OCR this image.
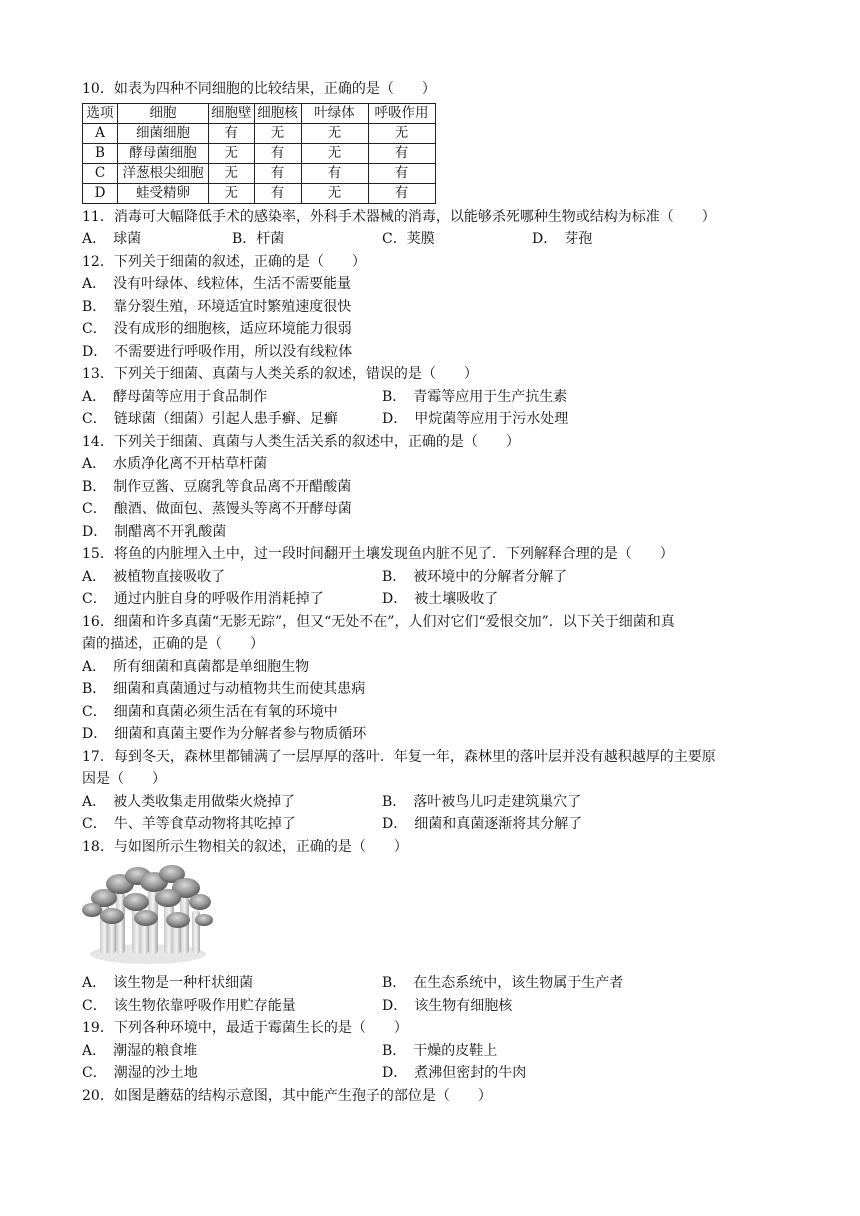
10．如表为四种不同细胞的比较结果，正确的是（　　）
选项	细胞	细胞壁	细胞核	叶绿体	呼吸作用
A	细菌细胞	有	无	无	无
B	酵母菌细胞	无	有	无	有
C	洋葱根尖细胞	无	有	有	有
D	蛙受精卵	无	有	无	有
11．消毒可大幅降低手术的感染率，外科手术器械的消毒，以能够杀死哪种生物或结构为标准（　　）
A．　球菌	B．杆菌	C．荚膜	D．　芽孢
12．下列关于细菌的叙述，正确的是（　　）
A．　没有叶绿体、线粒体，生活不需要能量
B．　靠分裂生殖，环境适宜时繁殖速度很快
C．　没有成形的细胞核，适应环境能力很弱
D．　不需要进行呼吸作用，所以没有线粒体
13．下列关于细菌、真菌与人类关系的叙述，错误的是（　　）
A．　酵母菌等应用于食品制作	B．　青霉等应用于生产抗生素
C．　链球菌（细菌）引起人患手癣、足癣	D．　甲烷菌等应用于污水处理
14．下列关于细菌、真菌与人类生活关系的叙述中，正确的是（　　）
A．　水质净化离不开枯草杆菌
B．　制作豆酱、豆腐乳等食品离不开醋酸菌
C．　酿酒、做面包、蒸馒头等离不开酵母菌
D．　制醋离不开乳酸菌
15．将鱼的内脏埋入土中，过一段时间翻开土壤发现鱼内脏不见了．下列解释合理的是（　　）
A．　被植物直接吸收了	B．　被环境中的分解者分解了
C．　通过内脏自身的呼吸作用消耗掉了	D．　被土壤吸收了
16．细菌和许多真菌“无影无踪”，但又“无处不在”，人们对它们“爱恨交加”．以下关于细菌和真
菌的描述，正确的是（　　）
A．　所有细菌和真菌都是单细胞生物
B．　细菌和真菌通过与动植物共生而使其患病
C．　细菌和真菌必须生活在有氧的环境中
D．　细菌和真菌主要作为分解者参与物质循环
17．每到冬天，森林里都铺满了一层厚厚的落叶．年复一年，森林里的落叶层并没有越积越厚的主要原
因是（　　）
A．　被人类收集走用做柴火烧掉了	B．　落叶被鸟儿叼走建筑巢穴了
C．　牛、羊等食草动物将其吃掉了	D．　细菌和真菌逐渐将其分解了
18．与如图所示生物相关的叙述，正确的是（　　）
A．　该生物是一种杆状细菌	B．　在生态系统中，该生物属于生产者
C．　该生物依靠呼吸作用贮存能量	D．　该生物有细胞核
19．下列各种环境中，最适于霉菌生长的是（　　）
A．　潮湿的粮食堆	B．　干燥的皮鞋上
C．　潮湿的沙土地	D．　煮沸但密封的牛肉
20．如图是蘑菇的结构示意图，其中能产生孢子的部位是（　　）
